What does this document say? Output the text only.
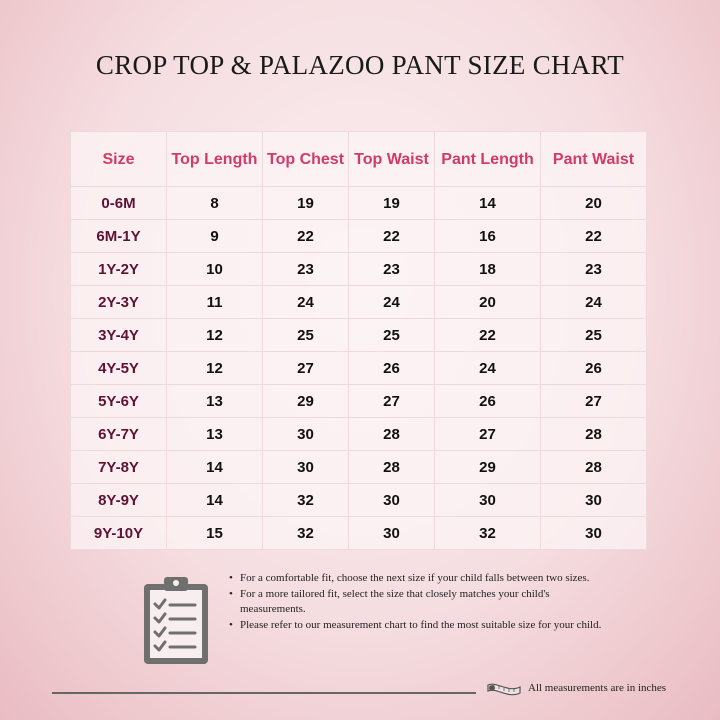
CROP TOP & PALAZOO PANT SIZE CHART
Size	Top Length	Top Chest	Top Waist	Pant Length	Pant Waist
0-6M	8	19	19	14	20
6M-1Y	9	22	22	16	22
1Y-2Y	10	23	23	18	23
2Y-3Y	11	24	24	20	24
3Y-4Y	12	25	25	22	25
4Y-5Y	12	27	26	24	26
5Y-6Y	13	29	27	26	27
6Y-7Y	13	30	28	27	28
7Y-8Y	14	30	28	29	28
8Y-9Y	14	32	30	30	30
9Y-10Y	15	32	30	32	30
• For a comfortable fit, choose the next size if your child falls between two sizes.
• For a more tailored fit, select the size that closely matches your child's measurements.
• Please refer to our measurement chart to find the most suitable size for your child.
All measurements are in inches
